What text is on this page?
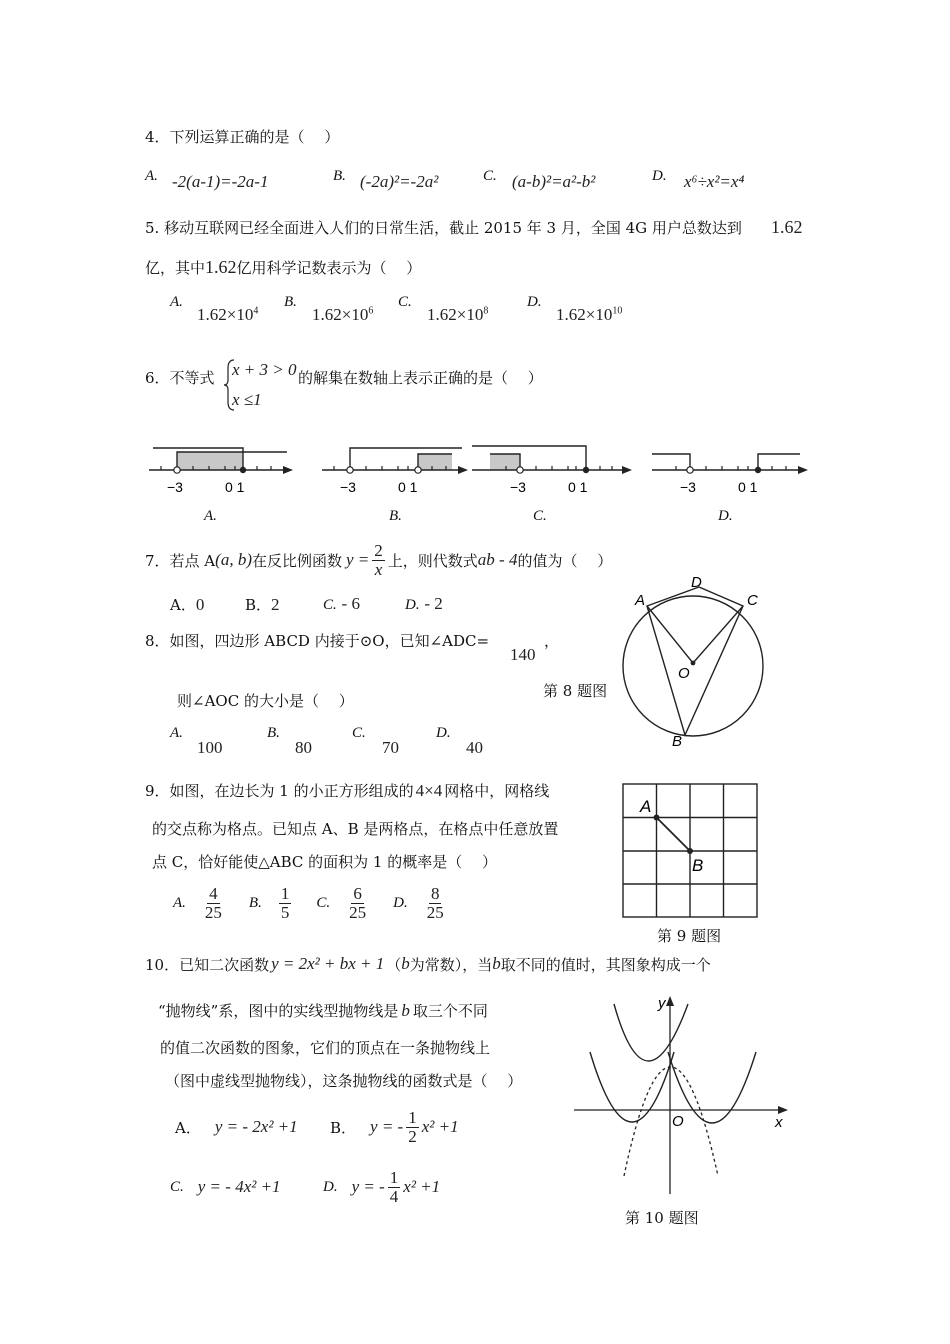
4．下列运算正确的是（　 ）
A. -2(a-1)=-2a-1	B. (-2a)²=-2a²	C. (a-b)²=a²-b²	D. x⁶÷x²=x⁴
5. 移动互联网已经全面进入人们的日常生活，截止 2015 年 3 月，全国 4G 用户总数达到 1.62
亿，其中1.62亿用科学记数表示为（　 ）
A.
$1.62\times 10^4$
B.
$1.62\times 10^6$
C.
$1.62\times 10^8$
D.
$1.62\times 10^{10}$
6．不等式 x + 3 > 0
x ≤1
的解集在数轴上表示正确的是（　 ）
−3	0 1
A.
−3	0 1
B.
−3	0 1
C.
−3	0 1
D.
7．若点 A (a, b) 在反比例函数 $y = \frac{2}{x}$ 上，则代数式 ab - 4 的值为（　 ）
A．0	B．2	C. - 6	D. - 2
8．如图，四边形 ABCD 内接于⊙O，已知∠ADC=
140
，
则∠AOC 的大小是（　 ）
第 8 题图
A.
100
B.
80
C.
70
D.
40
A
D
C
O
B
9．如图，在边长为 1 的小正方形组成的 4×4 网格中，网格线
的交点称为格点。已知点 A、B 是两格点，在格点中任意放置
点 C，恰好能使△ABC 的面积为 1 的概率是（　 ）
A. $\frac{4}{25} B$. $\frac{1}{5} C$. $\frac{6}{25} D$. $\frac{8}{25}$
A
B
第 9 题图
10．已知二次函数 y = 2x² + bx + 1 （ b 为常数），当 b 取不同的值时，其图象构成一个
“抛物线”系，图中的实线型抛物线是 b 取三个不同
的值二次函数的图象，它们的顶点在一条抛物线上
（图中虚线型抛物线），这条抛物线的函数式是（　 ）
A． y = - 2x² +1 B． y = - $\frac{1}{2} x^2 +1$
C. y = - 4x² +1	D. y = - $\frac{1}{4} x^2 +1$
y
x
O
第 10 题图
